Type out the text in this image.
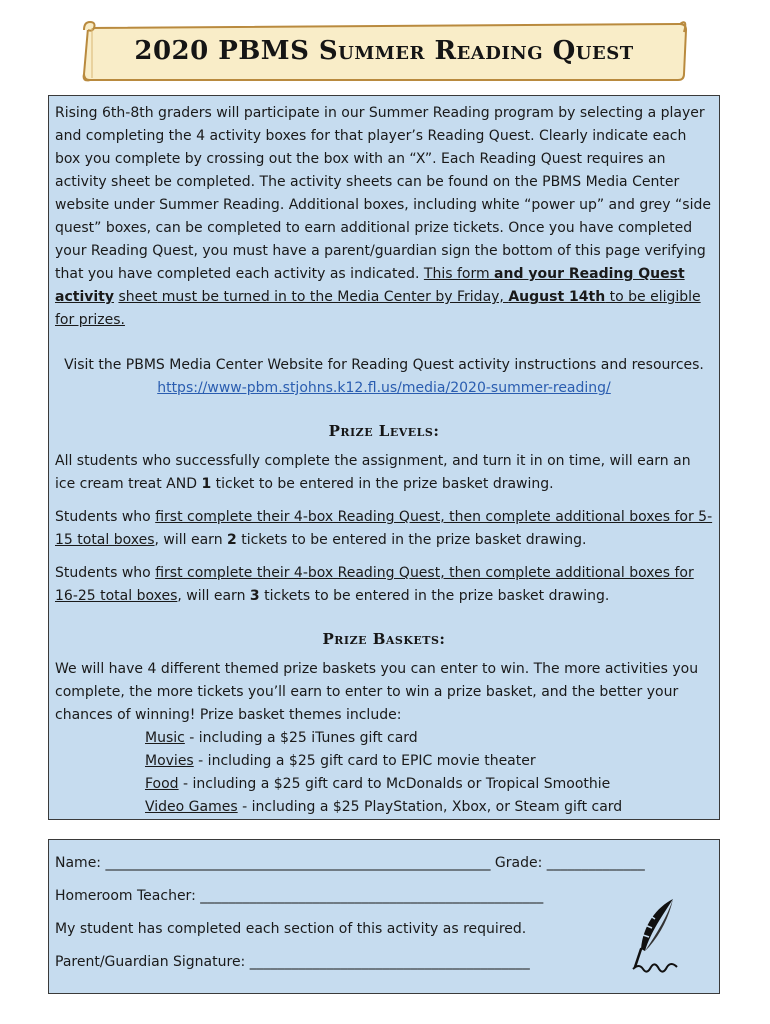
2020 PBMS Summer Reading Quest

Rising 6th-8th graders will participate in our Summer Reading program by selecting a player and completing the 4 activity boxes for that player’s Reading Quest. Clearly indicate each box you complete by crossing out the box with an “X”. Each Reading Quest requires an activity sheet be completed. The activity sheets can be found on the PBMS Media Center website under Summer Reading. Additional boxes, including white “power up” and grey “side quest” boxes, can be completed to earn additional prize tickets. Once you have completed your Reading Quest, you must have a parent/guardian sign the bottom of this page verifying that you have completed each activity as indicated. This form and your Reading Quest activity sheet must be turned in to the Media Center by Friday, August 14th to be eligible for prizes.

Visit the PBMS Media Center Website for Reading Quest activity instructions and resources.

https://www-pbm.stjohns.k12.fl.us/media/2020-summer-reading/

Prize Levels:

All students who successfully complete the assignment, and turn it in on time, will earn an ice cream treat AND 1 ticket to be entered in the prize basket drawing.

Students who first complete their 4-box Reading Quest, then complete additional boxes for 5-15 total boxes, will earn 2 tickets to be entered in the prize basket drawing.

Students who first complete their 4-box Reading Quest, then complete additional boxes for 16-25 total boxes, will earn 3 tickets to be entered in the prize basket drawing.

Prize Baskets:

We will have 4 different themed prize baskets you can enter to win. The more activities you complete, the more tickets you’ll earn to enter to win a prize basket, and the better your chances of winning! Prize basket themes include:

Music - including a $25 iTunes gift card

Movies - including a $25 gift card to EPIC movie theater

Food - including a $25 gift card to McDonalds or Tropical Smoothie

Video Games - including a $25 PlayStation, Xbox, or Steam gift card

Name: _______________________________________________________ Grade: ______________
Homeroom Teacher: _________________________________________________
My student has completed each section of this activity as required.
Parent/Guardian Signature: ________________________________________
